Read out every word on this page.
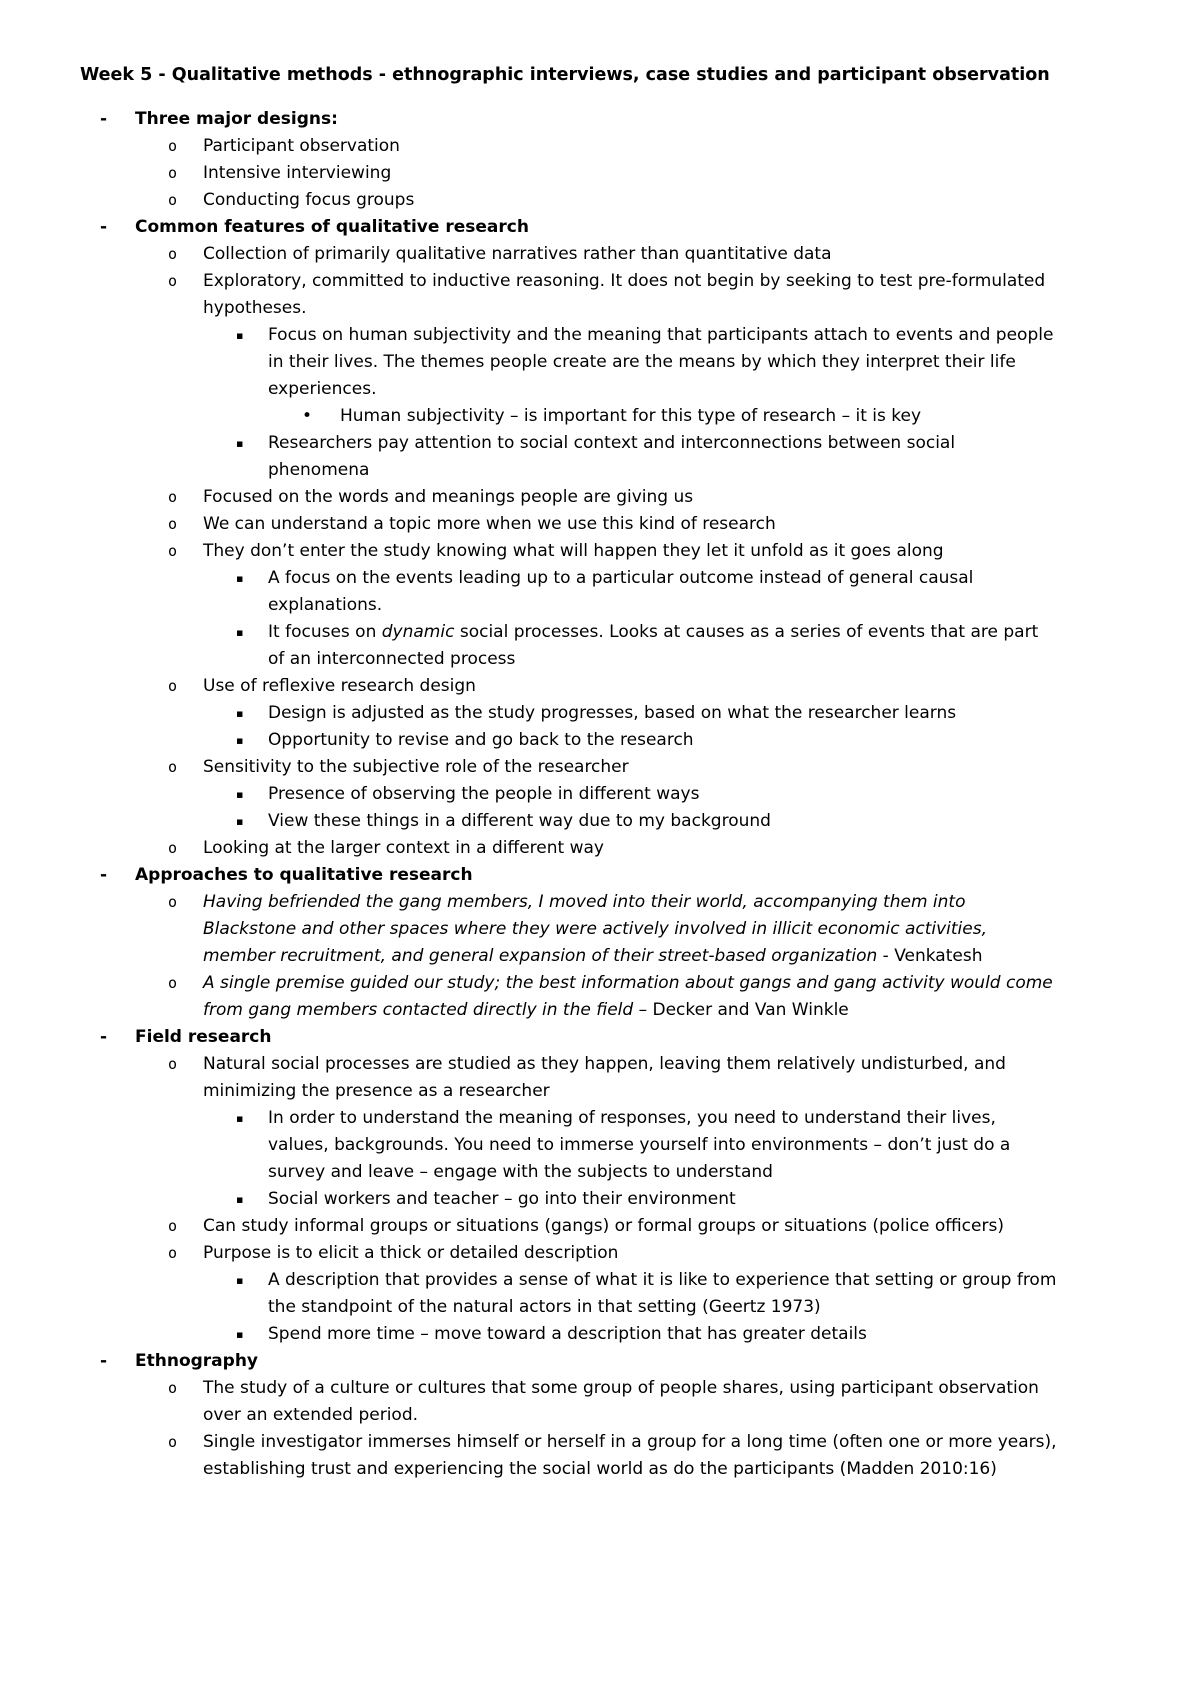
Week 5 - Qualitative methods - ethnographic interviews, case studies and participant observation
-	Three major designs:
o	Participant observation
o	Intensive interviewing
o	Conducting focus groups
-	Common features of qualitative research
o	Collection of primarily qualitative narratives rather than quantitative data
o	Exploratory, committed to inductive reasoning. It does not begin by seeking to test pre-formulated hypotheses.
▪	Focus on human subjectivity and the meaning that participants attach to events and people in their lives. The themes people create are the means by which they interpret their life experiences.
•	Human subjectivity – is important for this type of research – it is key
▪	Researchers pay attention to social context and interconnections between social phenomena
o	Focused on the words and meanings people are giving us
o	We can understand a topic more when we use this kind of research
o	They don’t enter the study knowing what will happen they let it unfold as it goes along
▪	A focus on the events leading up to a particular outcome instead of general causal explanations.
▪	It focuses on dynamic social processes. Looks at causes as a series of events that are part of an interconnected process
o	Use of reflexive research design
▪	Design is adjusted as the study progresses, based on what the researcher learns
▪	Opportunity to revise and go back to the research
o	Sensitivity to the subjective role of the researcher
▪	Presence of observing the people in different ways
▪	View these things in a different way due to my background
o	Looking at the larger context in a different way
-	Approaches to qualitative research
o	Having befriended the gang members, I moved into their world, accompanying them into Blackstone and other spaces where they were actively involved in illicit economic activities, member recruitment, and general expansion of their street-based organization - Venkatesh
o	A single premise guided our study; the best information about gangs and gang activity would come from gang members contacted directly in the field – Decker and Van Winkle
-	Field research
o	Natural social processes are studied as they happen, leaving them relatively undisturbed, and minimizing the presence as a researcher
▪	In order to understand the meaning of responses, you need to understand their lives, values, backgrounds. You need to immerse yourself into environments – don’t just do a survey and leave – engage with the subjects to understand
▪	Social workers and teacher – go into their environment
o	Can study informal groups or situations (gangs) or formal groups or situations (police officers)
o	Purpose is to elicit a thick or detailed description
▪	A description that provides a sense of what it is like to experience that setting or group from the standpoint of the natural actors in that setting (Geertz 1973)
▪	Spend more time – move toward a description that has greater details
-	Ethnography
o	The study of a culture or cultures that some group of people shares, using participant observation over an extended period.
o	Single investigator immerses himself or herself in a group for a long time (often one or more years), establishing trust and experiencing the social world as do the participants (Madden 2010:16)
